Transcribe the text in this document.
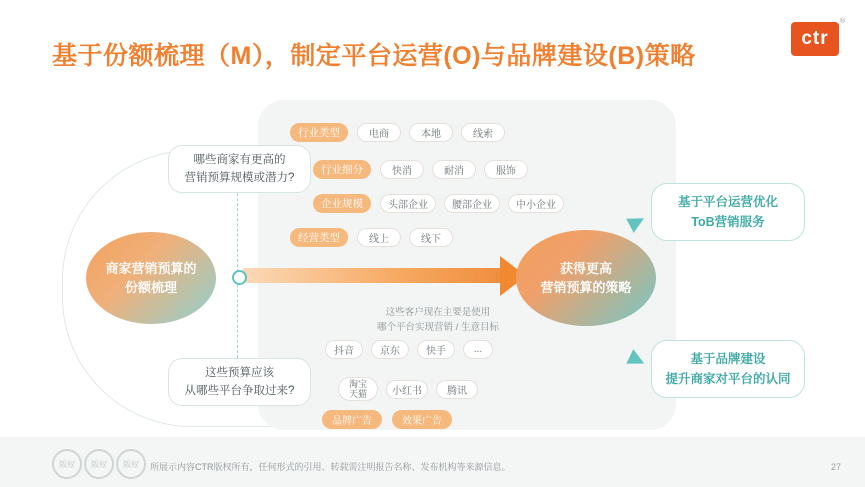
基于份额梳理（M），制定平台运营(O)与品牌建设(B)策略
®
ctr
商家营销预算的
份额梳理
获得更高
营销预算的策略
哪些商家有更高的
营销预算规模或潜力?
这些预算应该
从哪些平台争取过来?
基于平台运营优化
ToB营销服务
基于品牌建设
提升商家对平台的认同
行业类型	电商	本地	线索
行业细分	快消	耐消	服饰
企业规模	头部企业	腰部企业	中小企业
经营类型	线上	线下
这些客户现在主要是使用
哪个平台实现营销 / 生意目标
抖音	京东	快手	...
淘宝
天猫	小红书	腾讯
品牌广告	效果广告
版权	版权	版权	所展示内容CTR版权所有，任何形式的引用、转载需注明报告名称、发布机构等来源信息。	27
